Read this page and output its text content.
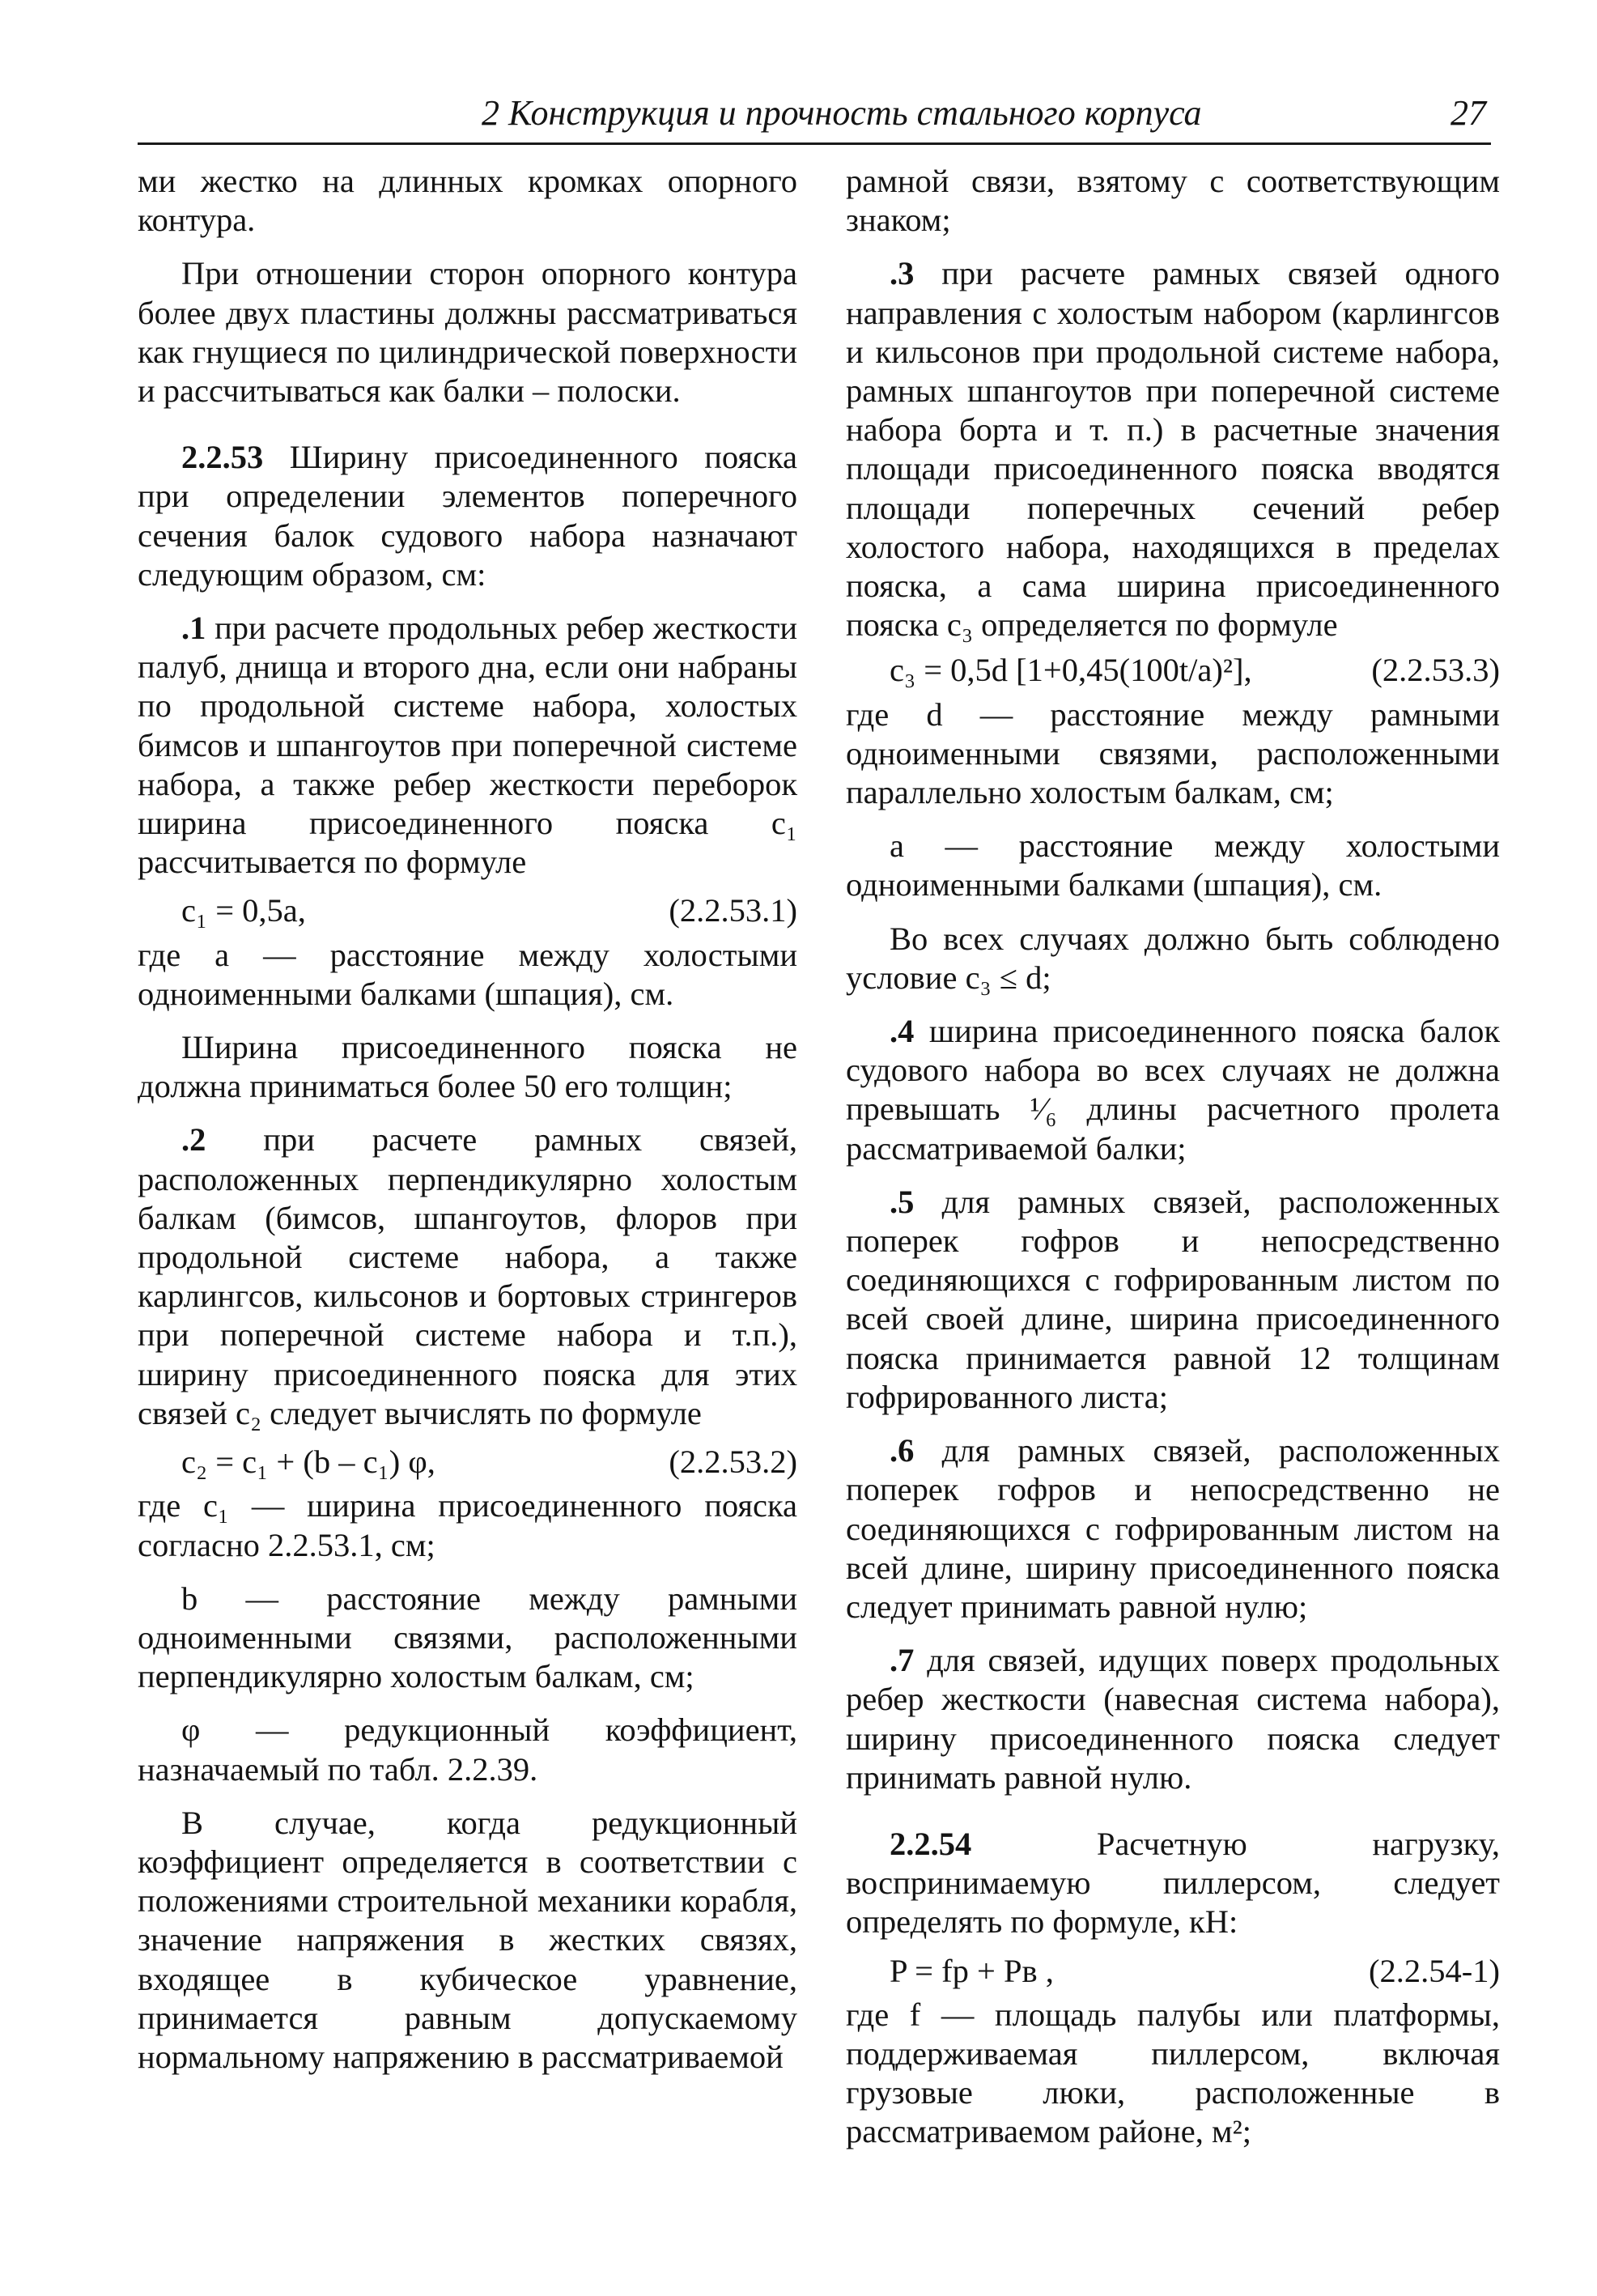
2 Конструкция и прочность стального корпуса	27

ми жестко на длинных кромках опорного контура.

При отношении сторон опорного контура более двух пластины должны рассматриваться как гнущиеся по цилиндрической поверхности и рассчитываться как балки – полоски.

2.2.53 Ширину присоединенного пояска при определении элементов поперечного сечения балок судового набора назначают следующим образом, см:

.1 при расчете продольных ребер жесткости палуб, днища и второго дна, если они набраны по продольной системе набора, холостых бимсов и шпангоутов при поперечной системе набора, а также ребер жесткости переборок ширина присоединенного пояска c₁ рассчитывается по формуле

c₁ = 0,5a,	(2.2.53.1)

где a — расстояние между холостыми одноименными балками (шпация), см.

Ширина присоединенного пояска не должна приниматься более 50 его толщин;

.2 при расчете рамных связей, расположенных перпендикулярно холостым балкам (бимсов, шпангоутов, флоров при продольной системе набора, а также карлингсов, кильсонов и бортовых стрингеров при поперечной системе набора и т.п.), ширину присоединенного пояска для этих связей c₂ следует вычислять по формуле

c₂ = c₁ + (b – c₁) φ,	(2.2.53.2)

где c₁ — ширина присоединенного пояска согласно 2.2.53.1, см;

b — расстояние между рамными одноименными связями, расположенными перпендикулярно холостым балкам, см;

φ — редукционный коэффициент, назначаемый по табл. 2.2.39.

В случае, когда редукционный коэффициент определяется в соответствии с положениями строительной механики корабля, значение напряжения в жестких связях, входящее в кубическое уравнение, принимается равным допускаемому нормальному напряжению в рассматриваемой

рамной связи, взятому с соответствующим знаком;

.3 при расчете рамных связей одного направления с холостым набором (карлингсов и кильсонов при продольной системе набора, рамных шпангоутов при поперечной системе набора борта и т. п.) в расчетные значения площади присоединенного пояска вводятся площади поперечных сечений ребер холостого набора, находящихся в пределах пояска, а сама ширина присоединенного пояска c₃ определяется по формуле

c₃ = 0,5d [1+0,45(100t/a)²],	(2.2.53.3)

где d — расстояние между рамными одноименными связями, расположенными параллельно холостым балкам, см;

a — расстояние между холостыми одноименными балками (шпация), см.

Во всех случаях должно быть соблюдено условие c₃ ≤ d;

.4 ширина присоединенного пояска балок судового набора во всех случаях не должна превышать ¹⁄₆ длины расчетного пролета рассматриваемой балки;

.5 для рамных связей, расположенных поперек гофров и непосредственно соединяющихся с гофрированным листом по всей своей длине, ширина присоединенного пояска принимается равной 12 толщинам гофрированного листа;

.6 для рамных связей, расположенных поперек гофров и непосредственно не соединяющихся с гофрированным листом на всей длине, ширину присоединенного пояска следует принимать равной нулю;

.7 для связей, идущих поверх продольных ребер жесткости (навесная система набора), ширину присоединенного пояска следует принимать равной нулю.

2.2.54 Расчетную нагрузку, воспринимаемую пиллерсом, следует определять по формуле, кН:

P = fp + Pв ,	(2.2.54-1)

где f — площадь палубы или платформы, поддерживаемая пиллерсом, включая грузовые люки, расположенные в рассматриваемом районе, м²;
